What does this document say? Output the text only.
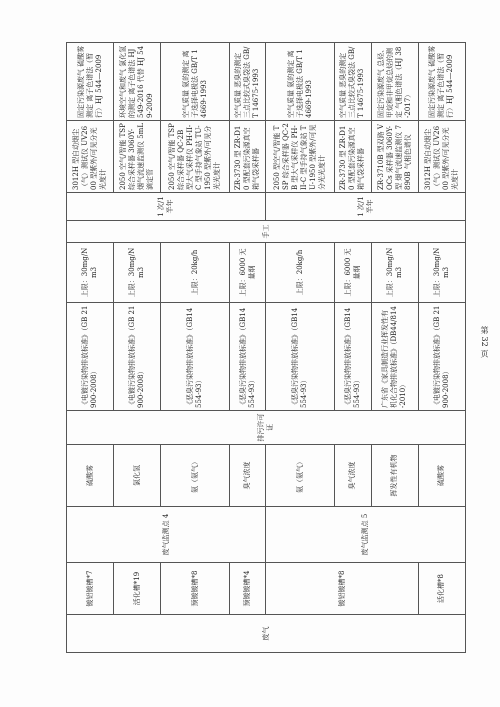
废气	镀铝镀槽*7	废气监测点 4	硫酸雾	排污许可证	《电镀污染物排放标准》（GB 21900-2008）	上限：30mg/Nm3	手工	1 次/1 半年	3012H 型自动烟尘（气）测试仪 UV2600 型紫外/可见分光光度计	固定污染源废气 硫酸雾测定 离子色谱法（暂行）HJ 544—2009
	活化槽*19		氯化氢		《电镀污染物排放标准》（GB 21900-2008）	上限：30mg/Nm3			2050 空气/智能 TSP 综合采样器 3060Y-烟气流速监测仪 5mL 滴定管	环境空气和废气 氯化氢的测定 离子色谱法 HJ 549-2016 代替 HJ 549-2009
	预镀镀槽*8		氨（氨气）		《恶臭污染物排放标准》（GB14554-93）	上限：20kg/h			2050 空气/智能 TSP 综合采样器 QC-2B 型大气采样仪 PH-II-C 型手持气象站 TU-1950 型紫外/可见分光光度计	空气质量 氨的测定 离子选择电极法 GB/T 14669-1993
	预镀镀槽*4		臭气浓度		《恶臭污染物排放标准》（GB14554-93）	上限：6000 无量纲			ZR-3730 型 ZR-D10 型配套污染源真空箱气袋采样器	空气质量 恶臭的测定 三点比较式臭袋法 GB/T 14675-1993
	镀铝镀槽*8	废气监测点 5	氨（氨气）		《恶臭污染物排放标准》（GB14554-93）	上限：20kg/h		1 次/1 半年	2050 型空气/智能 TSP 综合采样器 QC-2B 型大气采样仪 PH-II-C 型手持气象站 TU-1950 型紫外/可见分光光度计	空气质量 氨的测定 离子选择电极法 GB/T 14669-1993
			臭气浓度		《恶臭污染物排放标准》（GB14554-93）	上限：6000 无量纲			ZR-3730 型 ZR-D10 型配套污染源真空箱气袋采样器	空气质量 恶臭的测定 三点比较式臭袋法 GB/T 14675-1993
			挥发性有机物		广东省《家具制造行业挥发性有机化合物排放标准》（DB44/814-2010）	上限：30mg/Nm3			ZR-3710B 型双路 VOCs 采样器 3060Y-型 烟气流速监测仪 7890B 气相色谱仪	固定污染源废气 总烃、甲烷和非甲烷总烃的测定 气相色谱法（HJ 38-2017）
	活化槽*8		硫酸雾		《电镀污染物排放标准》（GB 21900-2008）	上限：30mg/Nm3			3012H 型自动烟尘（气）测试仪 UV2600 型紫外/可见分光光度计	固定污染源废气 硫酸雾测定 离子色谱法（暂行）HJ 544—2009
第 32 页
